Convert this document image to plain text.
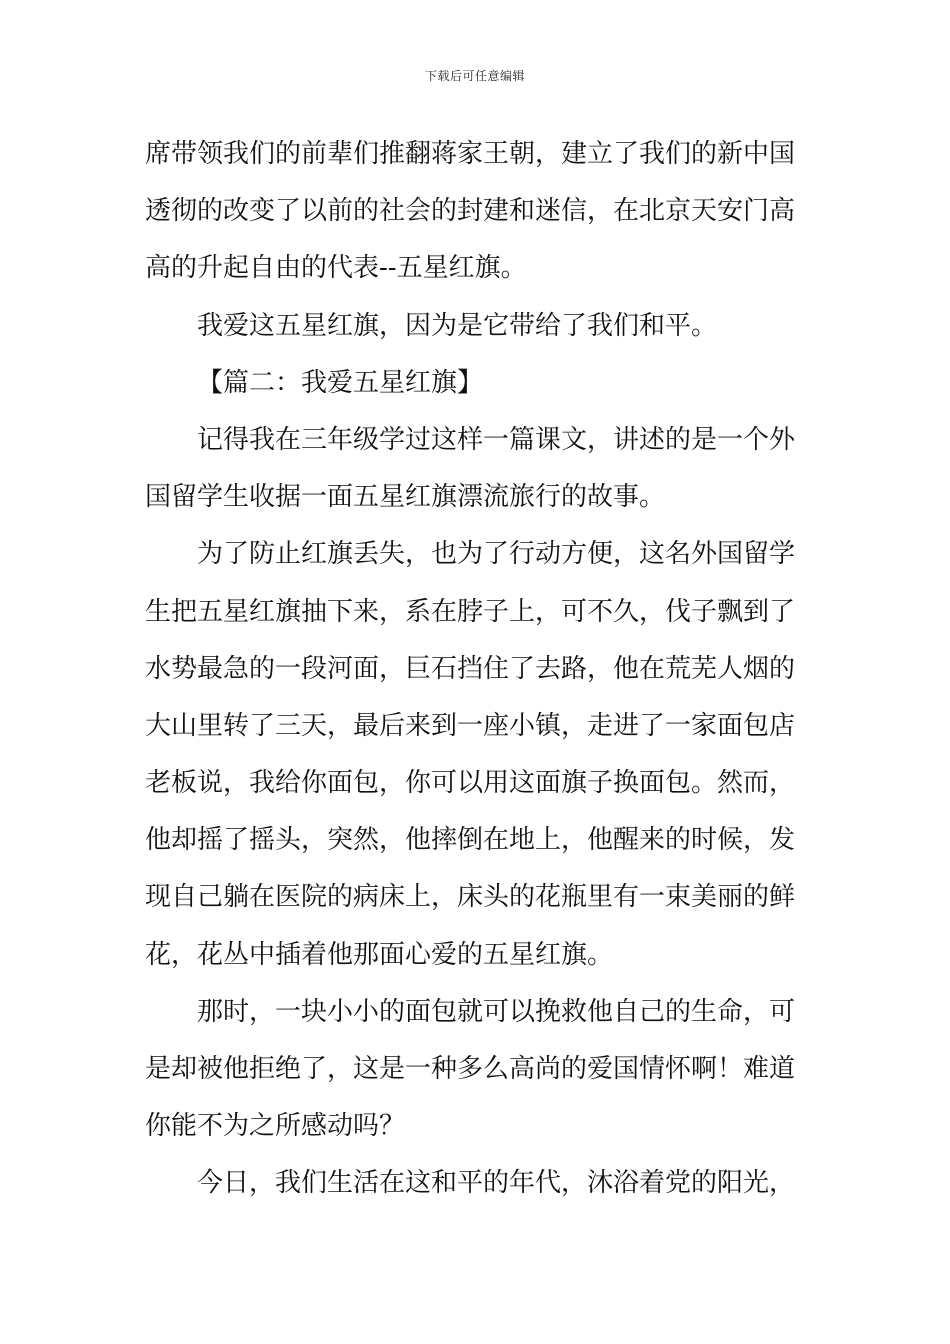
下载后可任意编辑
席带领我们的前辈们推翻蒋家王朝，建立了我们的新中国
透彻的改变了以前的社会的封建和迷信，在北京天安门高
高的升起自由的代表--五星红旗。
我爱这五星红旗，因为是它带给了我们和平。
【篇二：我爱五星红旗】
记得我在三年级学过这样一篇课文，讲述的是一个外
国留学生收据一面五星红旗漂流旅行的故事。
为了防止红旗丢失，也为了行动方便，这名外国留学
生把五星红旗抽下来，系在脖子上，可不久，伐子飘到了
水势最急的一段河面，巨石挡住了去路，他在荒芜人烟的
大山里转了三天，最后来到一座小镇，走进了一家面包店
老板说，我给你面包，你可以用这面旗子换面包。然而，
他却摇了摇头，突然，他摔倒在地上，他醒来的时候，发
现自己躺在医院的病床上，床头的花瓶里有一束美丽的鲜
花，花丛中插着他那面心爱的五星红旗。
那时，一块小小的面包就可以挽救他自己的生命，可
是却被他拒绝了，这是一种多么高尚的爱国情怀啊！难道
你能不为之所感动吗？
今日，我们生活在这和平的年代，沐浴着党的阳光，
